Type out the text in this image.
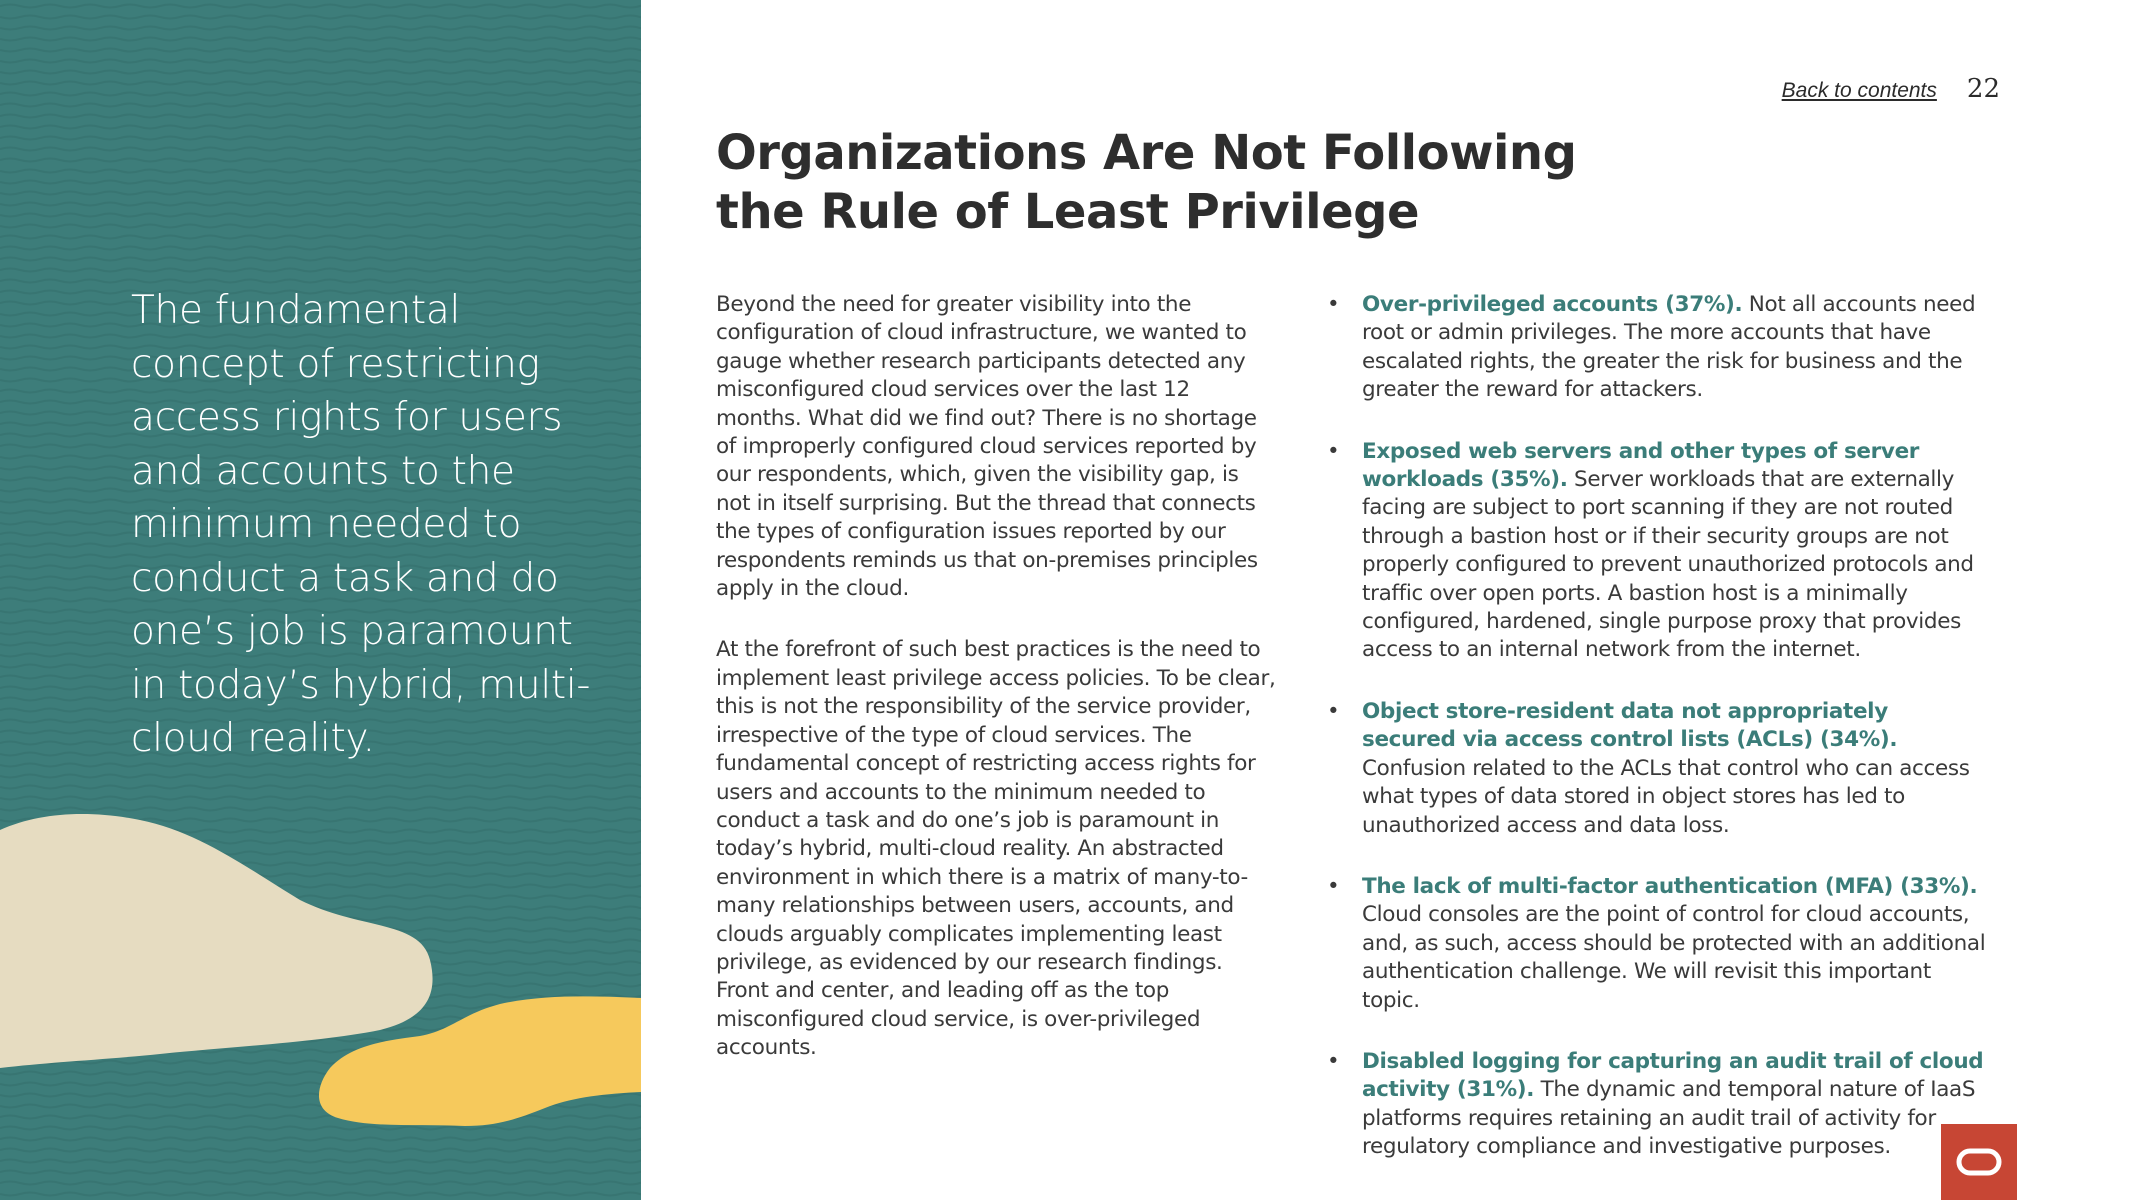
The fundamental concept of restricting access rights for users and accounts to the minimum needed to conduct a task and do one’s job is paramount in today’s hybrid, multi-cloud reality.
Back to contents 22
Organizations Are Not Following
the Rule of Least Privilege

Beyond the need for greater visibility into the configuration of cloud infrastructure, we wanted to gauge whether research participants detected any misconfigured cloud services over the last 12 months. What did we find out? There is no shortage of improperly configured cloud services reported by our respondents, which, given the visibility gap, is not in itself surprising. But the thread that connects the types of configuration issues reported by our respondents reminds us that on-premises principles apply in the cloud.

At the forefront of such best practices is the need to implement least privilege access policies. To be clear, this is not the responsibility of the service provider, irrespective of the type of cloud services. The fundamental concept of restricting access rights for users and accounts to the minimum needed to conduct a task and do one’s job is paramount in today’s hybrid, multi-cloud reality. An abstracted environment in which there is a matrix of many-to-many relationships between users, accounts, and clouds arguably complicates implementing least privilege, as evidenced by our research findings. Front and center, and leading off as the top misconfigured cloud service, is over-privileged accounts.

• Over-privileged accounts (37%). Not all accounts need root or admin privileges. The more accounts that have escalated rights, the greater the risk for business and the greater the reward for attackers.
• Exposed web servers and other types of server workloads (35%). Server workloads that are externally facing are subject to port scanning if they are not routed through a bastion host or if their security groups are not properly configured to prevent unauthorized protocols and traffic over open ports. A bastion host is a minimally configured, hardened, single purpose proxy that provides access to an internal network from the internet.
• Object store-resident data not appropriately secured via access control lists (ACLs) (34%). Confusion related to the ACLs that control who can access what types of data stored in object stores has led to unauthorized access and data loss.
• The lack of multi-factor authentication (MFA) (33%). Cloud consoles are the point of control for cloud accounts, and, as such, access should be protected with an additional authentication challenge. We will revisit this important topic.
• Disabled logging for capturing an audit trail of cloud activity (31%). The dynamic and temporal nature of IaaS platforms requires retaining an audit trail of activity for regulatory compliance and investigative purposes.
